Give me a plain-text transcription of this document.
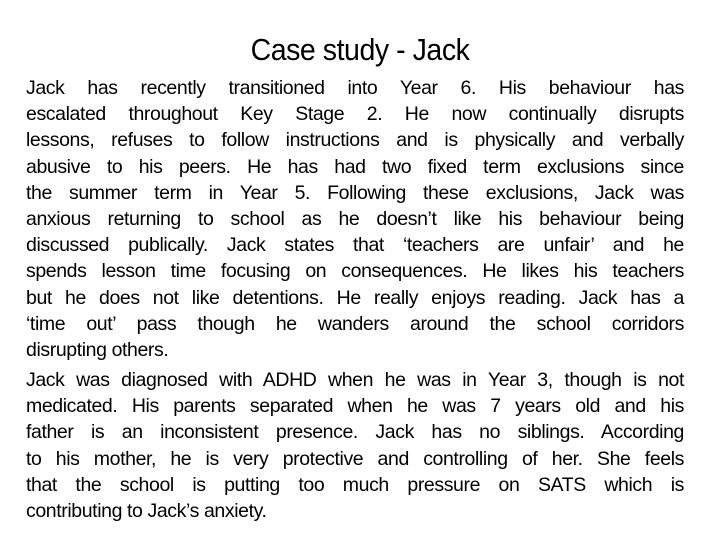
Case study - Jack
Jack has recently transitioned into Year 6. His behaviour has
escalated throughout Key Stage 2. He now continually disrupts
lessons, refuses to follow instructions and is physically and verbally
abusive to his peers. He has had two fixed term exclusions since
the summer term in Year 5. Following these exclusions, Jack was
anxious returning to school as he doesn’t like his behaviour being
discussed publically. Jack states that ‘teachers are unfair’ and he
spends lesson time focusing on consequences. He likes his teachers
but he does not like detentions. He really enjoys reading. Jack has a
‘time out’ pass though he wanders around the school corridors
disrupting others.
Jack was diagnosed with ADHD when he was in Year 3, though is not
medicated. His parents separated when he was 7 years old and his
father is an inconsistent presence. Jack has no siblings. According
to his mother, he is very protective and controlling of her. She feels
that the school is putting too much pressure on SATS which is
contributing to Jack’s anxiety.
